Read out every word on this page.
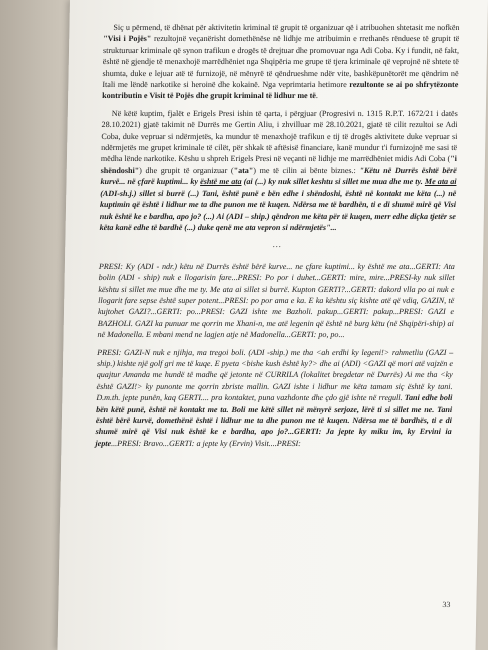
Siç u përmend, të dhënat për aktivitetin kriminal të grupit të organizuar që i atribuohen shtetasit me nofkën "Visi i Pojës" rezultojnë veçanërisht domethënëse në lidhje me atribuimin e rrethanës rënduese të grupit të strukturuar kriminale që synon trafikun e drogës të drejtuar dhe promovuar nga Adi Coba. Ky i fundit, në fakt, është në gjendje të menaxhojë marrëdhëniet nga Shqipëria me grupe të tjera kriminale që veprojnë në shtete të shumta, duke e lejuar atë të furnizojë, në mënyrë të qëndrueshme ndër vite, bashkëpunëtorët me qëndrim në Itali me lëndë narkotike si heroinë dhe kokainë. Nga veprimtaria hetimore rezultonte se ai po shfrytëzonte kontributin e Visit të Pojës dhe grupit kriminal të lidhur me të.

Në këtë kuptim, fjalët e Erigels Presi ishin të qarta, i përgjuar (Progresivi n. 1315 R.P.T. 1672/21 i datës 28.10.2021) gjatë takimit në Durrës me Gertin Aliu, i zhvilluar më 28.10.2021, gjatë të cilit rezultoi se Adi Coba, duke vepruar si ndërmjetës, ka mundur të menaxhojë trafikun e tij të drogës aktivitete duke vepruar si ndërmjetës me grupet kriminale të cilët, për shkak të aftësisë financiare, kanë mundur t'i furnizojnë me sasi të mëdha lënde narkotike. Këshu u shpreh Erigels Presi në veçanti në lidhje me marrëdhëniet midis Adi Coba ("i shëndoshi") dhe grupit të organizuar ("ata") me të cilin ai bënte biznes.: "Këtu në Durrës është bërë kurvë... në çfarë kuptimi... ky është me ata (ai (...) ky nuk sillet keshtu si sillet me mua dhe me ty. Me ata ai (ADI-sh.j.) sillet si burrë (...) Tani, është punë e bën edhe i shëndoshi, është në kontakt me këta (...) në kuptimin që është i lidhur me ta dhe punon me të kuqen. Ndërsa me të bardhën, ti e di shumë mirë që Visi nuk është ke e bardha, apo jo? (...) Ai (ADI – ship.) qëndron me këta për të kuqen, merr edhe diçka tjetër se këta kanë edhe të bardhë (...) duke qenë me ata vepron si ndërmjetës"...

...

PRESI: Ky (ADI - ndr.) këtu në Durrës është bërë kurve... ne çfare kuptimi... ky është me ata...GERTI: Ata bolin (ADI - ship) nuk e llogarisin fare...PRESI: Po por i duhet...GERTI: mire, mire...PRESI-ky nuk sillet kështu si sillet me mue dhe me ty. Me ata ai sillet si burrë. Kupton GERTI?...GERTI: dakord vlla po ai nuk e llogarit fare sepse është super potent...PRESI: po por ama e ka. E ka kështu siç kishte atë që vdiq, GAZIN, të kujtohet GAZI?...GERTI: po...PRESI: GAZI ishte me Bazholi. pakup...GERTI: pakup...PRESI: GAZI e BAZHOLI. GAZI ka punuar me qorrin me Xhani-n, me atë legenin që është në burg këtu (në Shqipëri-ship) ai në Madonella. E mbani mend ne lagjen atje në Madonella...GERTI: po, po...

PRESI: GAZI-N nuk e njihja, ma tregoi boli. (ADI -ship.) me tha <ah erdhi ky legeni!> rahmetliu (GAZI – ship.) kishte një golf gri me të kuqe. E pyeta <bishe kush është ky?> dhe ai (ADI) <GAZI që mori atë vajzën e quajtur Amanda me hundë të madhe që jetonte në CURRILA (lokalitet bregdetar në Durrës) Ai me tha <ky është GAZI!> ky punonte me qorrin zbriste mallin. GAZI ishte i lidhur me këta tamam siç është ky tani. D.m.th. jepte punën, kaq GERTI.... pra kontaktet, puna vazhdonte dhe çdo gjë ishte në rregull. Tani edhe boli bën këtë punë, është në kontakt me ta. Boli me këtë sillet në mënyrë serjoze, lërë ti si sillet me ne. Tani është bërë kurvë, domethënë është i lidhur me ta dhe punon me të kuqen. Ndërsa me të bardhës, ti e di shumë mirë që Visi nuk është ke e bardha, apo jo?...GERTI: Ja jepte ky miku im, ky Ervini ia jepte...PRESI: Bravo...GERTI: a jepte ky (Ervin) Visit....PRESI:

33
